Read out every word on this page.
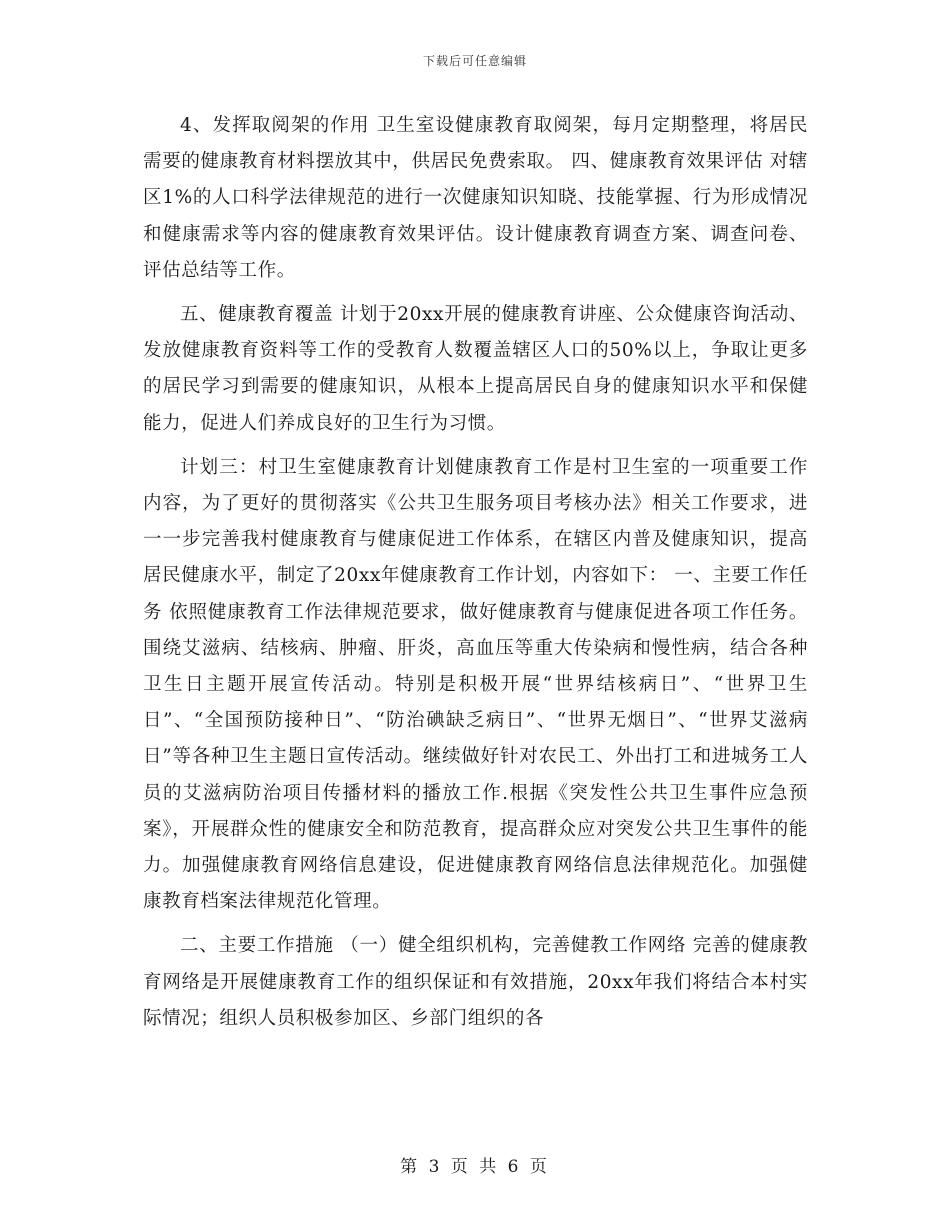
下载后可任意编辑

4、发挥取阅架的作用 卫生室设健康教育取阅架，每月定期整理，将居民需要的健康教育材料摆放其中，供居民免费索取。 四、健康教育效果评估 对辖区1%的人口科学法律规范的进行一次健康知识知晓、技能掌握、行为形成情况和健康需求等内容的健康教育效果评估。设计健康教育调查方案、调查问卷、评估总结等工作。

五、健康教育覆盖 计划于20xx开展的健康教育讲座、公众健康咨询活动、发放健康教育资料等工作的受教育人数覆盖辖区人口的50%以上，争取让更多的居民学习到需要的健康知识，从根本上提高居民自身的健康知识水平和保健能力，促进人们养成良好的卫生行为习惯。

计划三：村卫生室健康教育计划健康教育工作是村卫生室的一项重要工作内容，为了更好的贯彻落实《公共卫生服务项目考核办法》相关工作要求，进一一步完善我村健康教育与健康促进工作体系，在辖区内普及健康知识，提高居民健康水平，制定了20xx年健康教育工作计划，内容如下： 一、主要工作任务 依照健康教育工作法律规范要求，做好健康教育与健康促进各项工作任务。围绕艾滋病、结核病、肿瘤、肝炎，高血压等重大传染病和慢性病，结合各种卫生日主题开展宣传活动。特别是积极开展“世界结核病日”、“世界卫生日”、“全国预防接种日”、“防治碘缺乏病日”、“世界无烟日”、“世界艾滋病日”等各种卫生主题日宣传活动。继续做好针对农民工、外出打工和进城务工人员的艾滋病防治项目传播材料的播放工作.根据《突发性公共卫生事件应急预案》，开展群众性的健康安全和防范教育，提高群众应对突发公共卫生事件的能力。加强健康教育网络信息建设，促进健康教育网络信息法律规范化。加强健康教育档案法律规范化管理。

二、主要工作措施 （一）健全组织机构，完善健教工作网络 完善的健康教育网络是开展健康教育工作的组织保证和有效措施，20xx年我们将结合本村实际情况；组织人员积极参加区、乡部门组织的各

第 3 页 共 6 页
